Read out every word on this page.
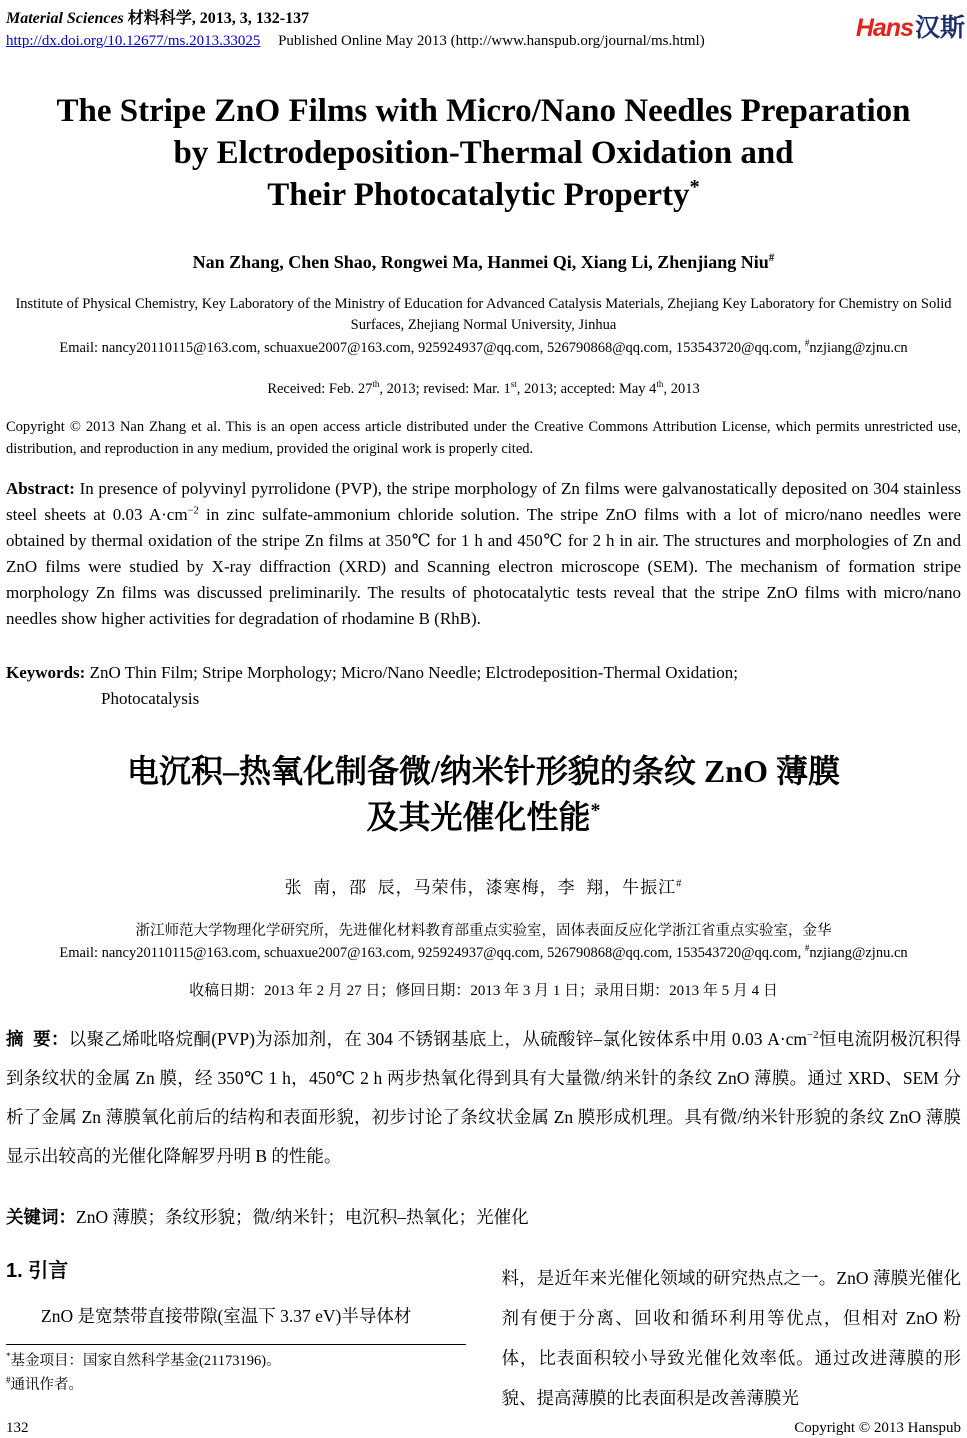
Material Sciences 材料科学, 2013, 3, 132-137
http://dx.doi.org/10.12677/ms.2013.33025 Published Online May 2013 (http://www.hanspub.org/journal/ms.html)	Hans汉斯
The Stripe ZnO Films with Micro/Nano Needles Preparation
by Elctrodeposition-Thermal Oxidation and
Their Photocatalytic Property*
Nan Zhang, Chen Shao, Rongwei Ma, Hanmei Qi, Xiang Li, Zhenjiang Niu#
Institute of Physical Chemistry, Key Laboratory of the Ministry of Education for Advanced Catalysis Materials, Zhejiang Key Laboratory for Chemistry on Solid Surfaces, Zhejiang Normal University, Jinhua
Email: nancy20110115@163.com, schuaxue2007@163.com, 925924937@qq.com, 526790868@qq.com, 153543720@qq.com, #nzjiang@zjnu.cn
Received: Feb. 27th, 2013; revised: Mar. 1st, 2013; accepted: May 4th, 2013
Copyright © 2013 Nan Zhang et al. This is an open access article distributed under the Creative Commons Attribution License, which permits unrestricted use, distribution, and reproduction in any medium, provided the original work is properly cited.
Abstract: In presence of polyvinyl pyrrolidone (PVP), the stripe morphology of Zn films were galvanostatically deposited on 304 stainless steel sheets at 0.03 $A\cdot cm^{-2}$ in zinc sulfate-ammonium chloride solution. The stripe ZnO films with a lot of micro/nano needles were obtained by thermal oxidation of the stripe Zn films at 350℃ for 1 h and 450℃ for 2 h in air. The structures and morphologies of Zn and ZnO films were studied by X-ray diffraction (XRD) and Scanning electron microscope (SEM). The mechanism of formation stripe morphology Zn films was discussed preliminarily. The results of photocatalytic tests reveal that the stripe ZnO films with micro/nano needles show higher activities for degradation of rhodamine B (RhB).
Keywords: ZnO Thin Film; Stripe Morphology; Micro/Nano Needle; Elctrodeposition-Thermal Oxidation;
Photocatalysis
电沉积–热氧化制备微/纳米针形貌的条纹 ZnO 薄膜
及其光催化性能*
张  南，邵  辰，马荣伟，漆寒梅，李  翔，牛振江#
浙江师范大学物理化学研究所，先进催化材料教育部重点实验室，固体表面反应化学浙江省重点实验室，金华
Email: nancy20110115@163.com, schuaxue2007@163.com, 925924937@qq.com, 526790868@qq.com, 153543720@qq.com, #nzjiang@zjnu.cn
收稿日期：2013 年 2 月 27 日；修回日期：2013 年 3 月 1 日；录用日期：2013 年 5 月 4 日
摘  要：以聚乙烯吡咯烷酮(PVP)为添加剂，在 304 不锈钢基底上，从硫酸锌–氯化铵体系中用 0.03 $A\cdot cm^{-2}$恒电流阴极沉积得到条纹状的金属 Zn 膜，经 350℃ 1 h，450℃ 2 h 两步热氧化得到具有大量微/纳米针的条纹 ZnO 薄膜。通过 XRD、SEM 分析了金属 Zn 薄膜氧化前后的结构和表面形貌，初步讨论了条纹状金属 Zn 膜形成机理。具有微/纳米针形貌的条纹 ZnO 薄膜显示出较高的光催化降解罗丹明 B 的性能。
关键词：ZnO 薄膜；条纹形貌；微/纳米针；电沉积–热氧化；光催化
1. 引言
ZnO 是宽禁带直接带隙(室温下 3.37 eV)半导体材
*基金项目：国家自然科学基金(21173196)。
#通讯作者。
料，是近年来光催化领域的研究热点之一。ZnO 薄膜光催化剂有便于分离、回收和循环利用等优点，但相对 ZnO 粉体，比表面积较小导致光催化效率低。通过改进薄膜的形貌、提高薄膜的比表面积是改善薄膜光
132	Copyright © 2013 Hanspub
